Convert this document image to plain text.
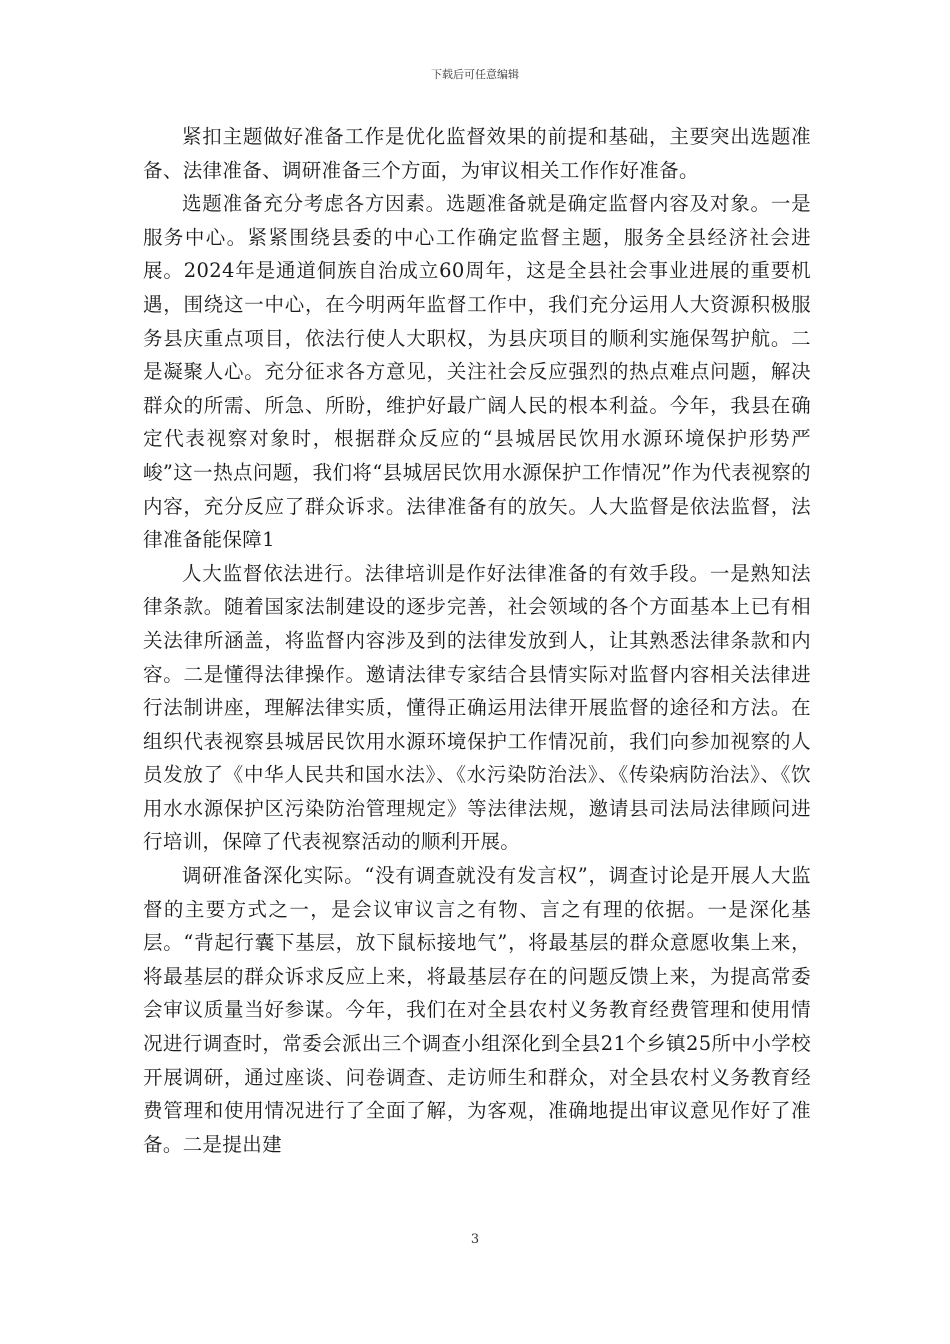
下载后可任意编辑

紧扣主题做好准备工作是优化监督效果的前提和基础，主要突出选题准备、法律准备、调研准备三个方面，为审议相关工作作好准备。

选题准备充分考虑各方因素。选题准备就是确定监督内容及对象。一是服务中心。紧紧围绕县委的中心工作确定监督主题，服务全县经济社会进展。2024年是通道侗族自治成立60周年，这是全县社会事业进展的重要机遇，围绕这一中心，在今明两年监督工作中，我们充分运用人大资源积极服务县庆重点项目，依法行使人大职权，为县庆项目的顺利实施保驾护航。二是凝聚人心。充分征求各方意见，关注社会反应强烈的热点难点问题，解决群众的所需、所急、所盼，维护好最广阔人民的根本利益。今年，我县在确定代表视察对象时，根据群众反应的“县城居民饮用水源环境保护形势严峻”这一热点问题，我们将“县城居民饮用水源保护工作情况”作为代表视察的内容，充分反应了群众诉求。法律准备有的放矢。人大监督是依法监督，法律准备能保障1

人大监督依法进行。法律培训是作好法律准备的有效手段。一是熟知法律条款。随着国家法制建设的逐步完善，社会领域的各个方面基本上已有相关法律所涵盖，将监督内容涉及到的法律发放到人，让其熟悉法律条款和内容。二是懂得法律操作。邀请法律专家结合县情实际对监督内容相关法律进行法制讲座，理解法律实质，懂得正确运用法律开展监督的途径和方法。在组织代表视察县城居民饮用水源环境保护工作情况前，我们向参加视察的人员发放了《中华人民共和国水法》、《水污染防治法》、《传染病防治法》、《饮用水水源保护区污染防治管理规定》等法律法规，邀请县司法局法律顾问进行培训，保障了代表视察活动的顺利开展。

调研准备深化实际。“没有调查就没有发言权”，调查讨论是开展人大监督的主要方式之一，是会议审议言之有物、言之有理的依据。一是深化基层。“背起行囊下基层，放下鼠标接地气”，将最基层的群众意愿收集上来，将最基层的群众诉求反应上来，将最基层存在的问题反馈上来，为提高常委会审议质量当好参谋。今年，我们在对全县农村义务教育经费管理和使用情况进行调查时，常委会派出三个调查小组深化到全县21个乡镇25所中小学校开展调研，通过座谈、问卷调查、走访师生和群众，对全县农村义务教育经费管理和使用情况进行了全面了解，为客观，准确地提出审议意见作好了准备。二是提出建

3
